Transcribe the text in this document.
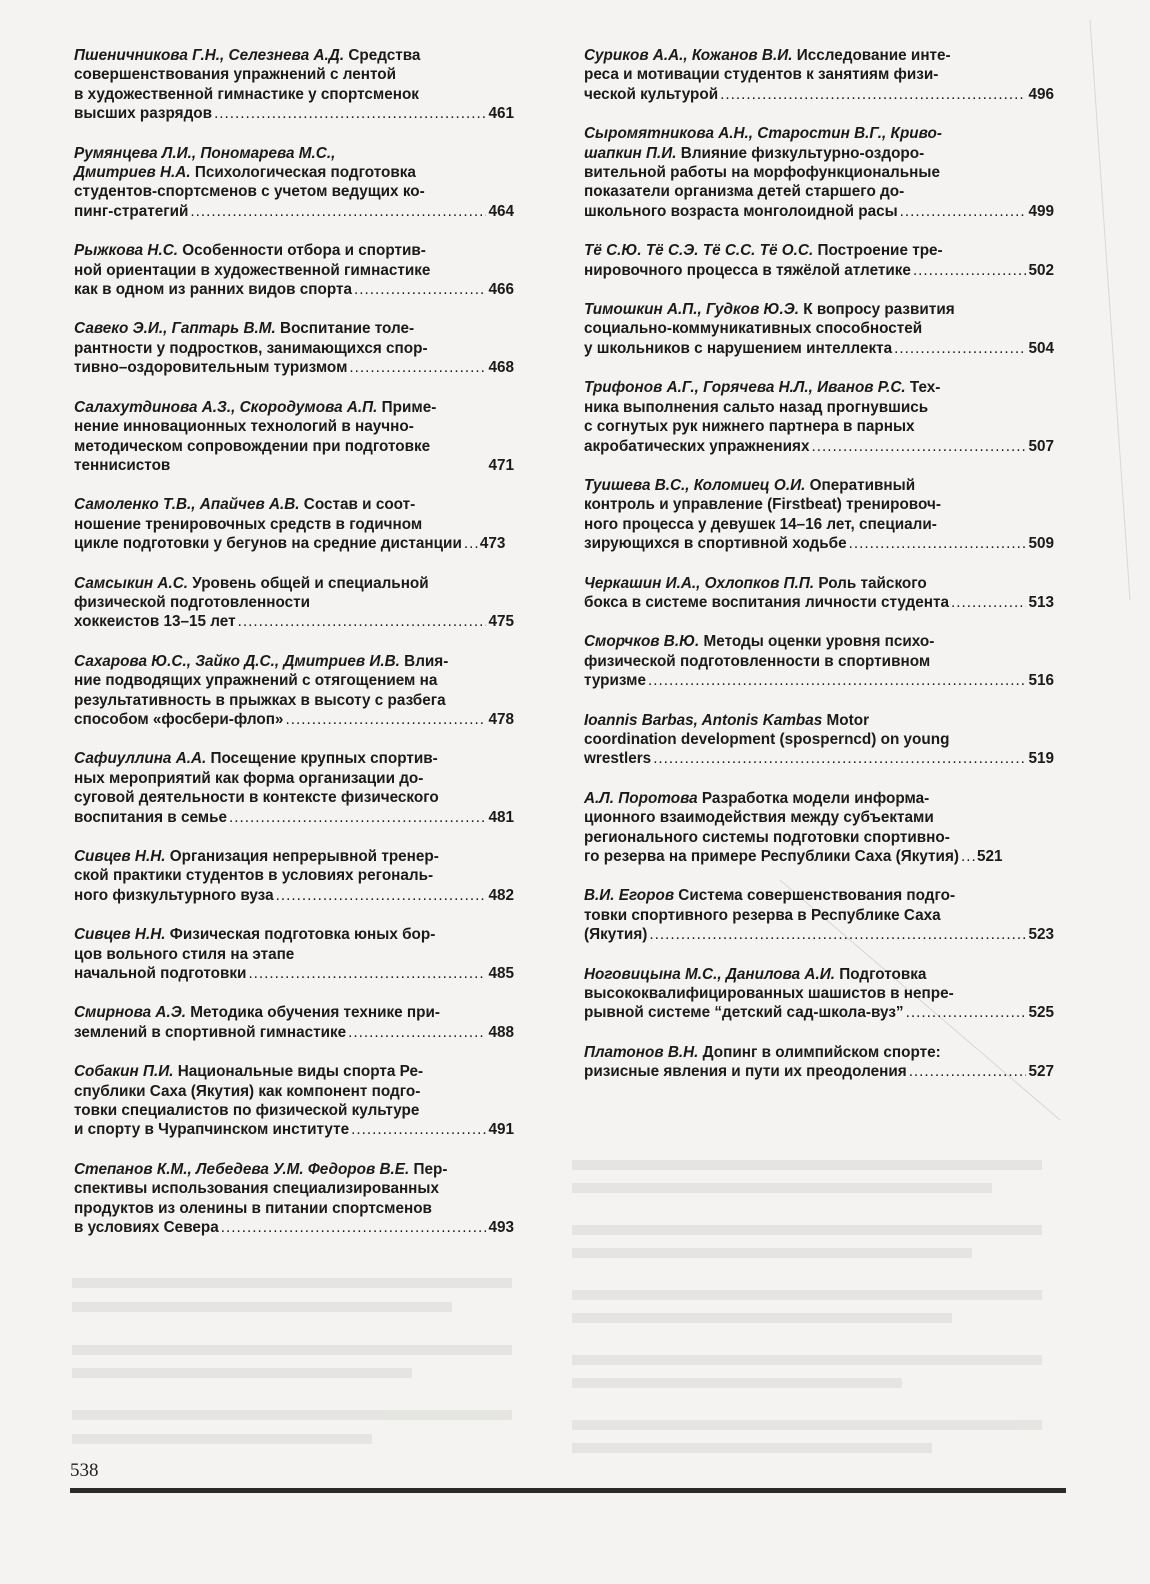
Пшеничникова Г.Н., Селезнева А.Д. Средства
совершенствования упражнений с лентой
в художественной гимнастике у спортсменок
высших разрядов .....	461
Румянцева Л.И., Пономарева М.С.,
Дмитриев Н.А. Психологическая подготовка
студентов-спортсменов с учетом ведущих ко-
пинг-стратегий .....	464
Рыжкова Н.С. Особенности отбора и спортив-
ной ориентации в художественной гимнастике
как в одном из ранних видов спорта .....	466
Савеко Э.И., Гаптарь В.М. Воспитание толе-
рантности у подростков, занимающихся спор-
тивно–оздоровительным туризмом .....	468
Салахутдинова А.З., Скородумова А.П. Приме-
нение инновационных технологий в научно-
методическом сопровождении при подготовке
теннисистов	471
Самоленко Т.В., Апайчев А.В. Состав и соот-
ношение тренировочных средств в годичном
цикле подготовки у бегунов на средние дистанции ..... 473
Самсыкин А.С. Уровень общей и специальной
физической подготовленности
хоккеистов 13–15 лет .....	475
Сахарова Ю.С., Зайко Д.С., Дмитриев И.В. Влия-
ние подводящих упражнений с отягощением на
результативность в прыжках в высоту с разбега
способом «фосбери-флоп» .....	478
Сафиуллина А.А. Посещение крупных спортив-
ных мероприятий как форма организации до-
суговой деятельности в контексте физического
воспитания в семье .....	481
Сивцев Н.Н. Организация непрерывной тренер-
ской практики студентов в условиях регональ-
ного физкультурного вуза .....	482
Сивцев Н.Н. Физическая подготовка юных бор-
цов вольного стиля на этапе
начальной подготовки .....	485
Смирнова А.Э. Методика обучения технике при-
землений в спортивной гимнастике .....	488
Собакин П.И. Национальные виды спорта Ре-
спублики Саха (Якутия) как компонент подго-
товки специалистов по физической культуре
и спорту в Чурапчинском институте .....	491
Степанов К.М., Лебедева У.М. Федоров В.Е. Пер-
спективы использования специализированных
продуктов из оленины в питании спортсменов
в условиях Севера .....	493
Суриков А.А., Кожанов В.И. Исследование инте-
реса и мотивации студентов к занятиям физи-
ческой культурой .....	496
Сыромятникова А.Н., Старостин В.Г., Криво-
шапкин П.И. Влияние физкультурно-оздоро-
вительной работы на морфофункциональные
показатели организма детей старшего до-
школьного возраста монголоидной расы .....	499
Тё С.Ю. Тё С.Э. Тё С.С. Тё О.С. Построение тре-
нировочного процесса в тяжёлой атлетике .....	502
Тимошкин А.П., Гудков Ю.Э. К вопросу развития
социально-коммуникативных способностей
у школьников с нарушением интеллекта .....	504
Трифонов А.Г., Горячева Н.Л., Иванов Р.С. Тех-
ника выполнения сальто назад прогнувшись
с согнутых рук нижнего партнера в парных
акробатических упражнениях .....	507
Туишева В.С., Коломиец О.И. Оперативный
контроль и управление (Firstbeat) тренировоч-
ного процесса у девушек 14–16 лет, специали-
зирующихся в спортивной ходьбе .....	509
Черкашин И.А., Охлопков П.П. Роль тайского
бокса в системе воспитания личности студента .....	513
Сморчков В.Ю. Методы оценки уровня психо-
физической подготовленности в спортивном
туризме .....	516
Ioannis Barbas, Antonis Kambas Motor
coordination development (sposperncd) on young
wrestlers .....	519
А.Л. Поротова Разработка модели информа-
ционного взаимодействия между субъектами
регионального системы подготовки спортивно-
го резерва на примере Республики Саха (Якутия) ..... 521
В.И. Егоров Система совершенствования подго-
товки спортивного резерва в Республике Саха
(Якутия) .....	523
Ноговицына М.С., Данилова А.И. Подготовка
высококвалифицированных шашистов в непре-
рывной системе “детский сад-школа-вуз” .....	525
Платонов В.Н. Допинг в олимпийском спорте:
ризисные явления и пути их преодоления .....	527
538
